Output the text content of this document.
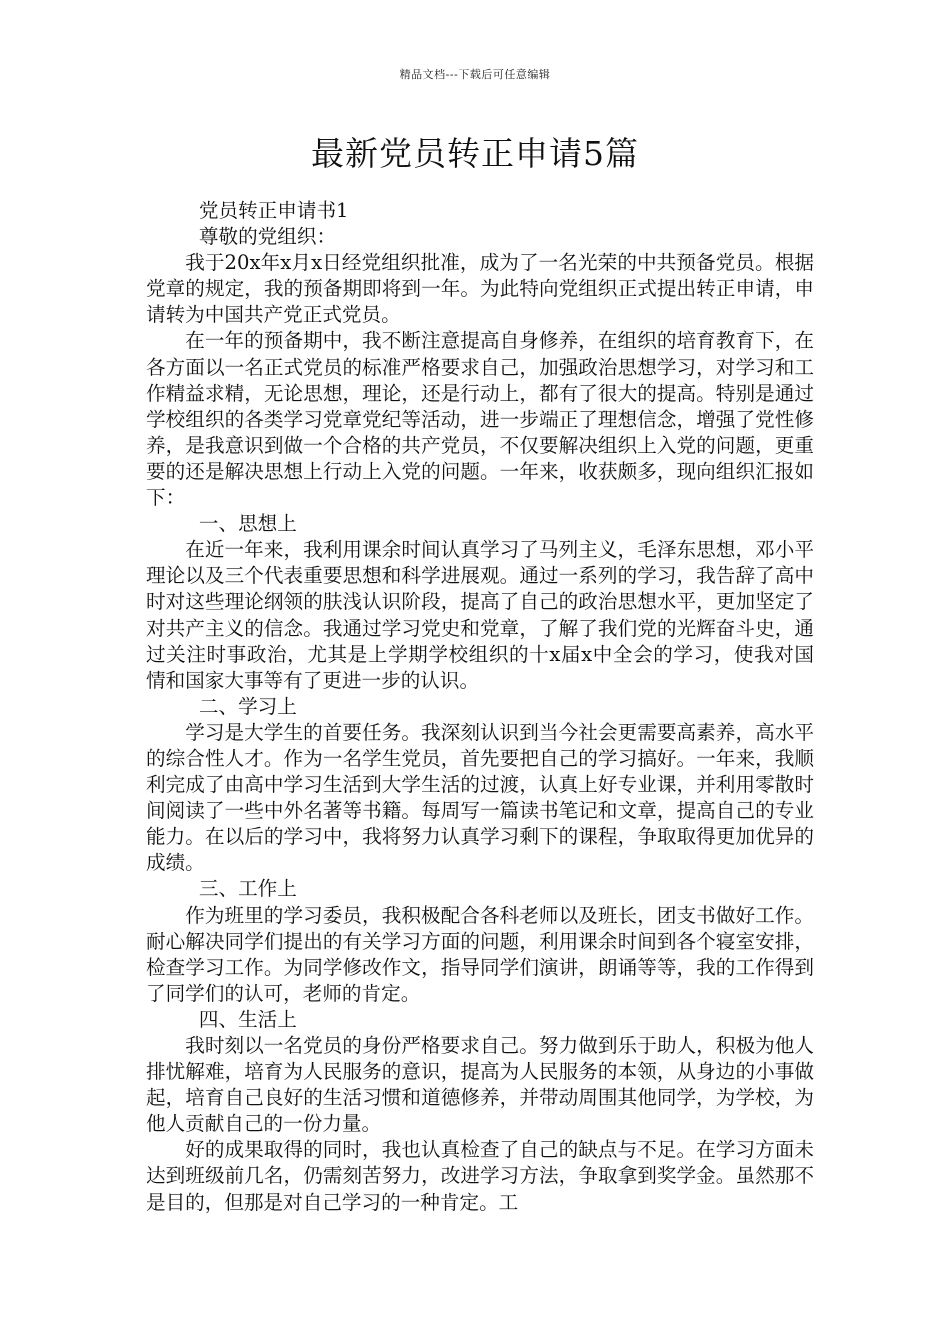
精品文档---下载后可任意编辑
最新党员转正申请5篇

党员转正申请书1

尊敬的党组织：

我于20x年x月x日经党组织批准，成为了一名光荣的中共预备党员。根据党章的规定，我的预备期即将到一年。为此特向党组织正式提出转正申请，申请转为中国共产党正式党员。

在一年的预备期中，我不断注意提高自身修养，在组织的培育教育下，在各方面以一名正式党员的标准严格要求自己，加强政治思想学习，对学习和工作精益求精，无论思想，理论，还是行动上，都有了很大的提高。特别是通过学校组织的各类学习党章党纪等活动，进一步端正了理想信念，增强了党性修养，是我意识到做一个合格的共产党员，不仅要解决组织上入党的问题，更重要的还是解决思想上行动上入党的问题。一年来，收获颇多，现向组织汇报如下：

一、思想上

在近一年来，我利用课余时间认真学习了马列主义，毛泽东思想，邓小平理论以及三个代表重要思想和科学进展观。通过一系列的学习，我告辞了高中时对这些理论纲领的肤浅认识阶段，提高了自己的政治思想水平，更加坚定了对共产主义的信念。我通过学习党史和党章，了解了我们党的光辉奋斗史，通过关注时事政治，尤其是上学期学校组织的十x届x中全会的学习，使我对国情和国家大事等有了更进一步的认识。

二、学习上

学习是大学生的首要任务。我深刻认识到当今社会更需要高素养，高水平的综合性人才。作为一名学生党员，首先要把自己的学习搞好。一年来，我顺利完成了由高中学习生活到大学生活的过渡，认真上好专业课，并利用零散时间阅读了一些中外名著等书籍。每周写一篇读书笔记和文章，提高自己的专业能力。在以后的学习中，我将努力认真学习剩下的课程，争取取得更加优异的成绩。

三、工作上

作为班里的学习委员，我积极配合各科老师以及班长，团支书做好工作。耐心解决同学们提出的有关学习方面的问题，利用课余时间到各个寝室安排，检查学习工作。为同学修改作文，指导同学们演讲，朗诵等等，我的工作得到了同学们的认可，老师的肯定。

四、生活上

我时刻以一名党员的身份严格要求自己。努力做到乐于助人，积极为他人排忧解难，培育为人民服务的意识，提高为人民服务的本领，从身边的小事做起，培育自己良好的生活习惯和道德修养，并带动周围其他同学，为学校，为他人贡献自己的一份力量。

好的成果取得的同时，我也认真检查了自己的缺点与不足。在学习方面未达到班级前几名，仍需刻苦努力，改进学习方法，争取拿到奖学金。虽然那不是目的，但那是对自己学习的一种肯定。工
